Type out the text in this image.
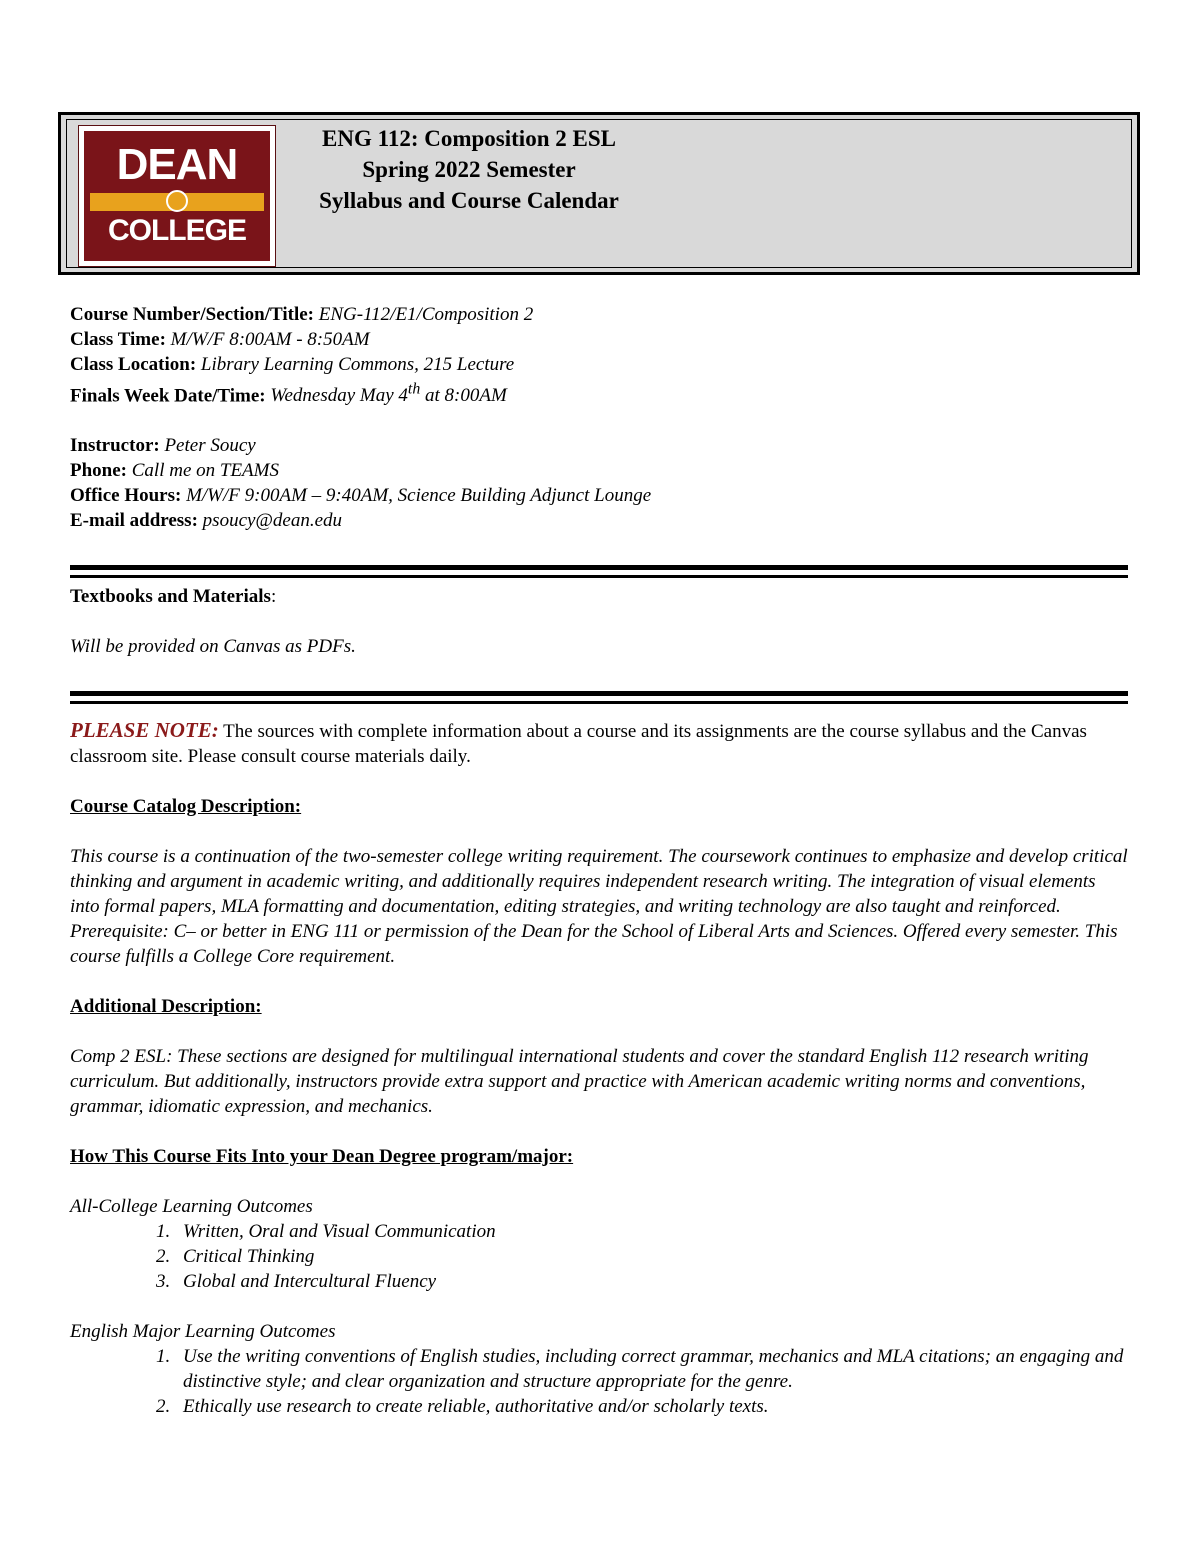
DEAN
COLLEGE
ENG 112: Composition 2 ESL
Spring 2022 Semester
Syllabus and Course Calendar
Course Number/Section/Title: ENG-112/E1/Composition 2
Class Time: M/W/F 8:00AM - 8:50AM
Class Location: Library Learning Commons, 215 Lecture
Finals Week Date/Time: Wednesday May 4th at 8:00AM
Instructor: Peter Soucy
Phone: Call me on TEAMS
Office Hours: M/W/F 9:00AM – 9:40AM, Science Building Adjunct Lounge
E-mail address: psoucy@dean.edu
Textbooks and Materials:
Will be provided on Canvas as PDFs.
PLEASE NOTE: The sources with complete information about a course and its assignments are the course syllabus and the Canvas classroom site. Please consult course materials daily.
Course Catalog Description:
This course is a continuation of the two-semester college writing requirement. The coursework continues to emphasize and develop critical thinking and argument in academic writing, and additionally requires independent research writing. The integration of visual elements into formal papers, MLA formatting and documentation, editing strategies, and writing technology are also taught and reinforced. Prerequisite: C– or better in ENG 111 or permission of the Dean for the School of Liberal Arts and Sciences. Offered every semester. This course fulfills a College Core requirement.
Additional Description:
Comp 2 ESL: These sections are designed for multilingual international students and cover the standard English 112 research writing curriculum. But additionally, instructors provide extra support and practice with American academic writing norms and conventions, grammar, idiomatic expression, and mechanics.
How This Course Fits Into your Dean Degree program/major:
All-College Learning Outcomes
1. Written, Oral and Visual Communication
2. Critical Thinking
3. Global and Intercultural Fluency
English Major Learning Outcomes
1. Use the writing conventions of English studies, including correct grammar, mechanics and MLA citations; an engaging and distinctive style; and clear organization and structure appropriate for the genre.
2. Ethically use research to create reliable, authoritative and/or scholarly texts.
